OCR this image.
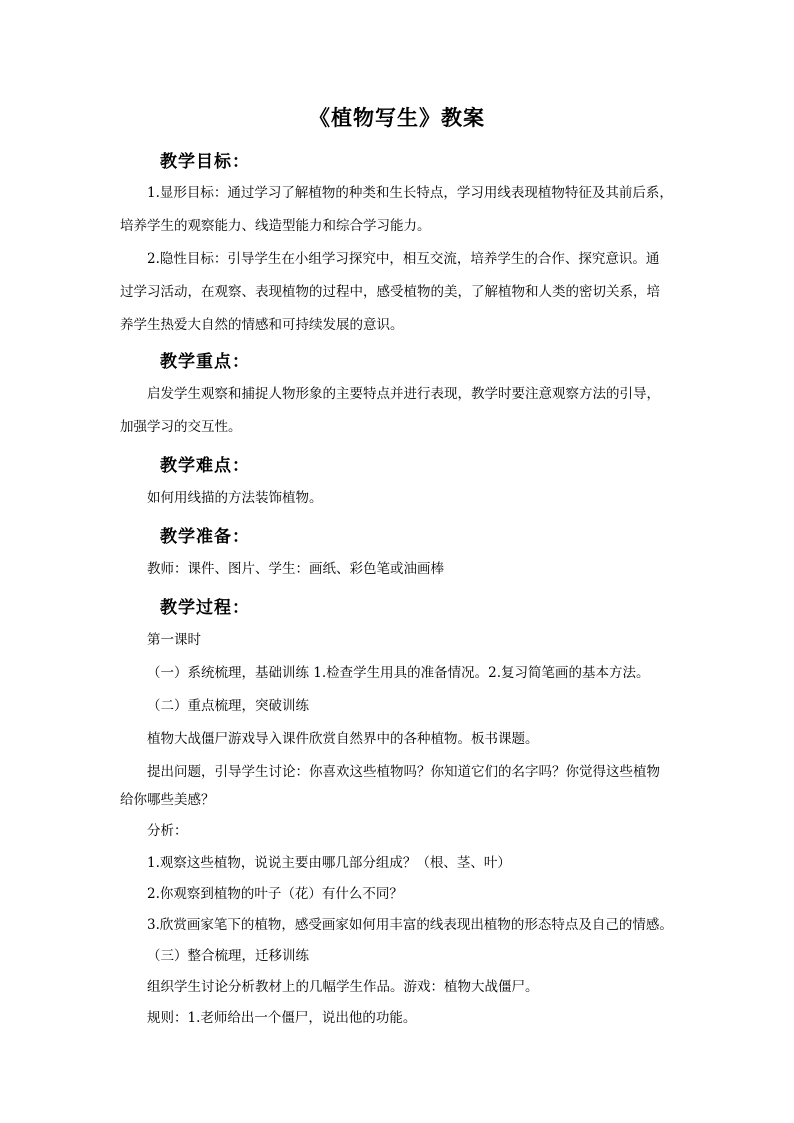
《植物写生》教案
教学目标：
1.显形目标：通过学习了解植物的种类和生长特点，学习用线表现植物特征及其前后系，
培养学生的观察能力、线造型能力和综合学习能力。
2.隐性目标：引导学生在小组学习探究中，相互交流，培养学生的合作、探究意识。通
过学习活动，在观察、表现植物的过程中，感受植物的美，了解植物和人类的密切关系，培
养学生热爱大自然的情感和可持续发展的意识。
教学重点：
启发学生观察和捕捉人物形象的主要特点并进行表现，教学时要注意观察方法的引导，
加强学习的交互性。
教学难点：
如何用线描的方法装饰植物。
教学准备：
教师：课件、图片、学生：画纸、彩色笔或油画棒
教学过程：
第一课时
（一）系统梳理，基础训练 1.检查学生用具的准备情况。2.复习简笔画的基本方法。
（二）重点梳理，突破训练
植物大战僵尸游戏导入课件欣赏自然界中的各种植物。板书课题。
提出问题，引导学生讨论：你喜欢这些植物吗？你知道它们的名字吗？你觉得这些植物
给你哪些美感？
分析：
1.观察这些植物，说说主要由哪几部分组成？（根、茎、叶）
2.你观察到植物的叶子（花）有什么不同？
3.欣赏画家笔下的植物，感受画家如何用丰富的线表现出植物的形态特点及自己的情感。
（三）整合梳理，迁移训练
组织学生讨论分析教材上的几幅学生作品。游戏：植物大战僵尸。
规则：1.老师给出一个僵尸，说出他的功能。
